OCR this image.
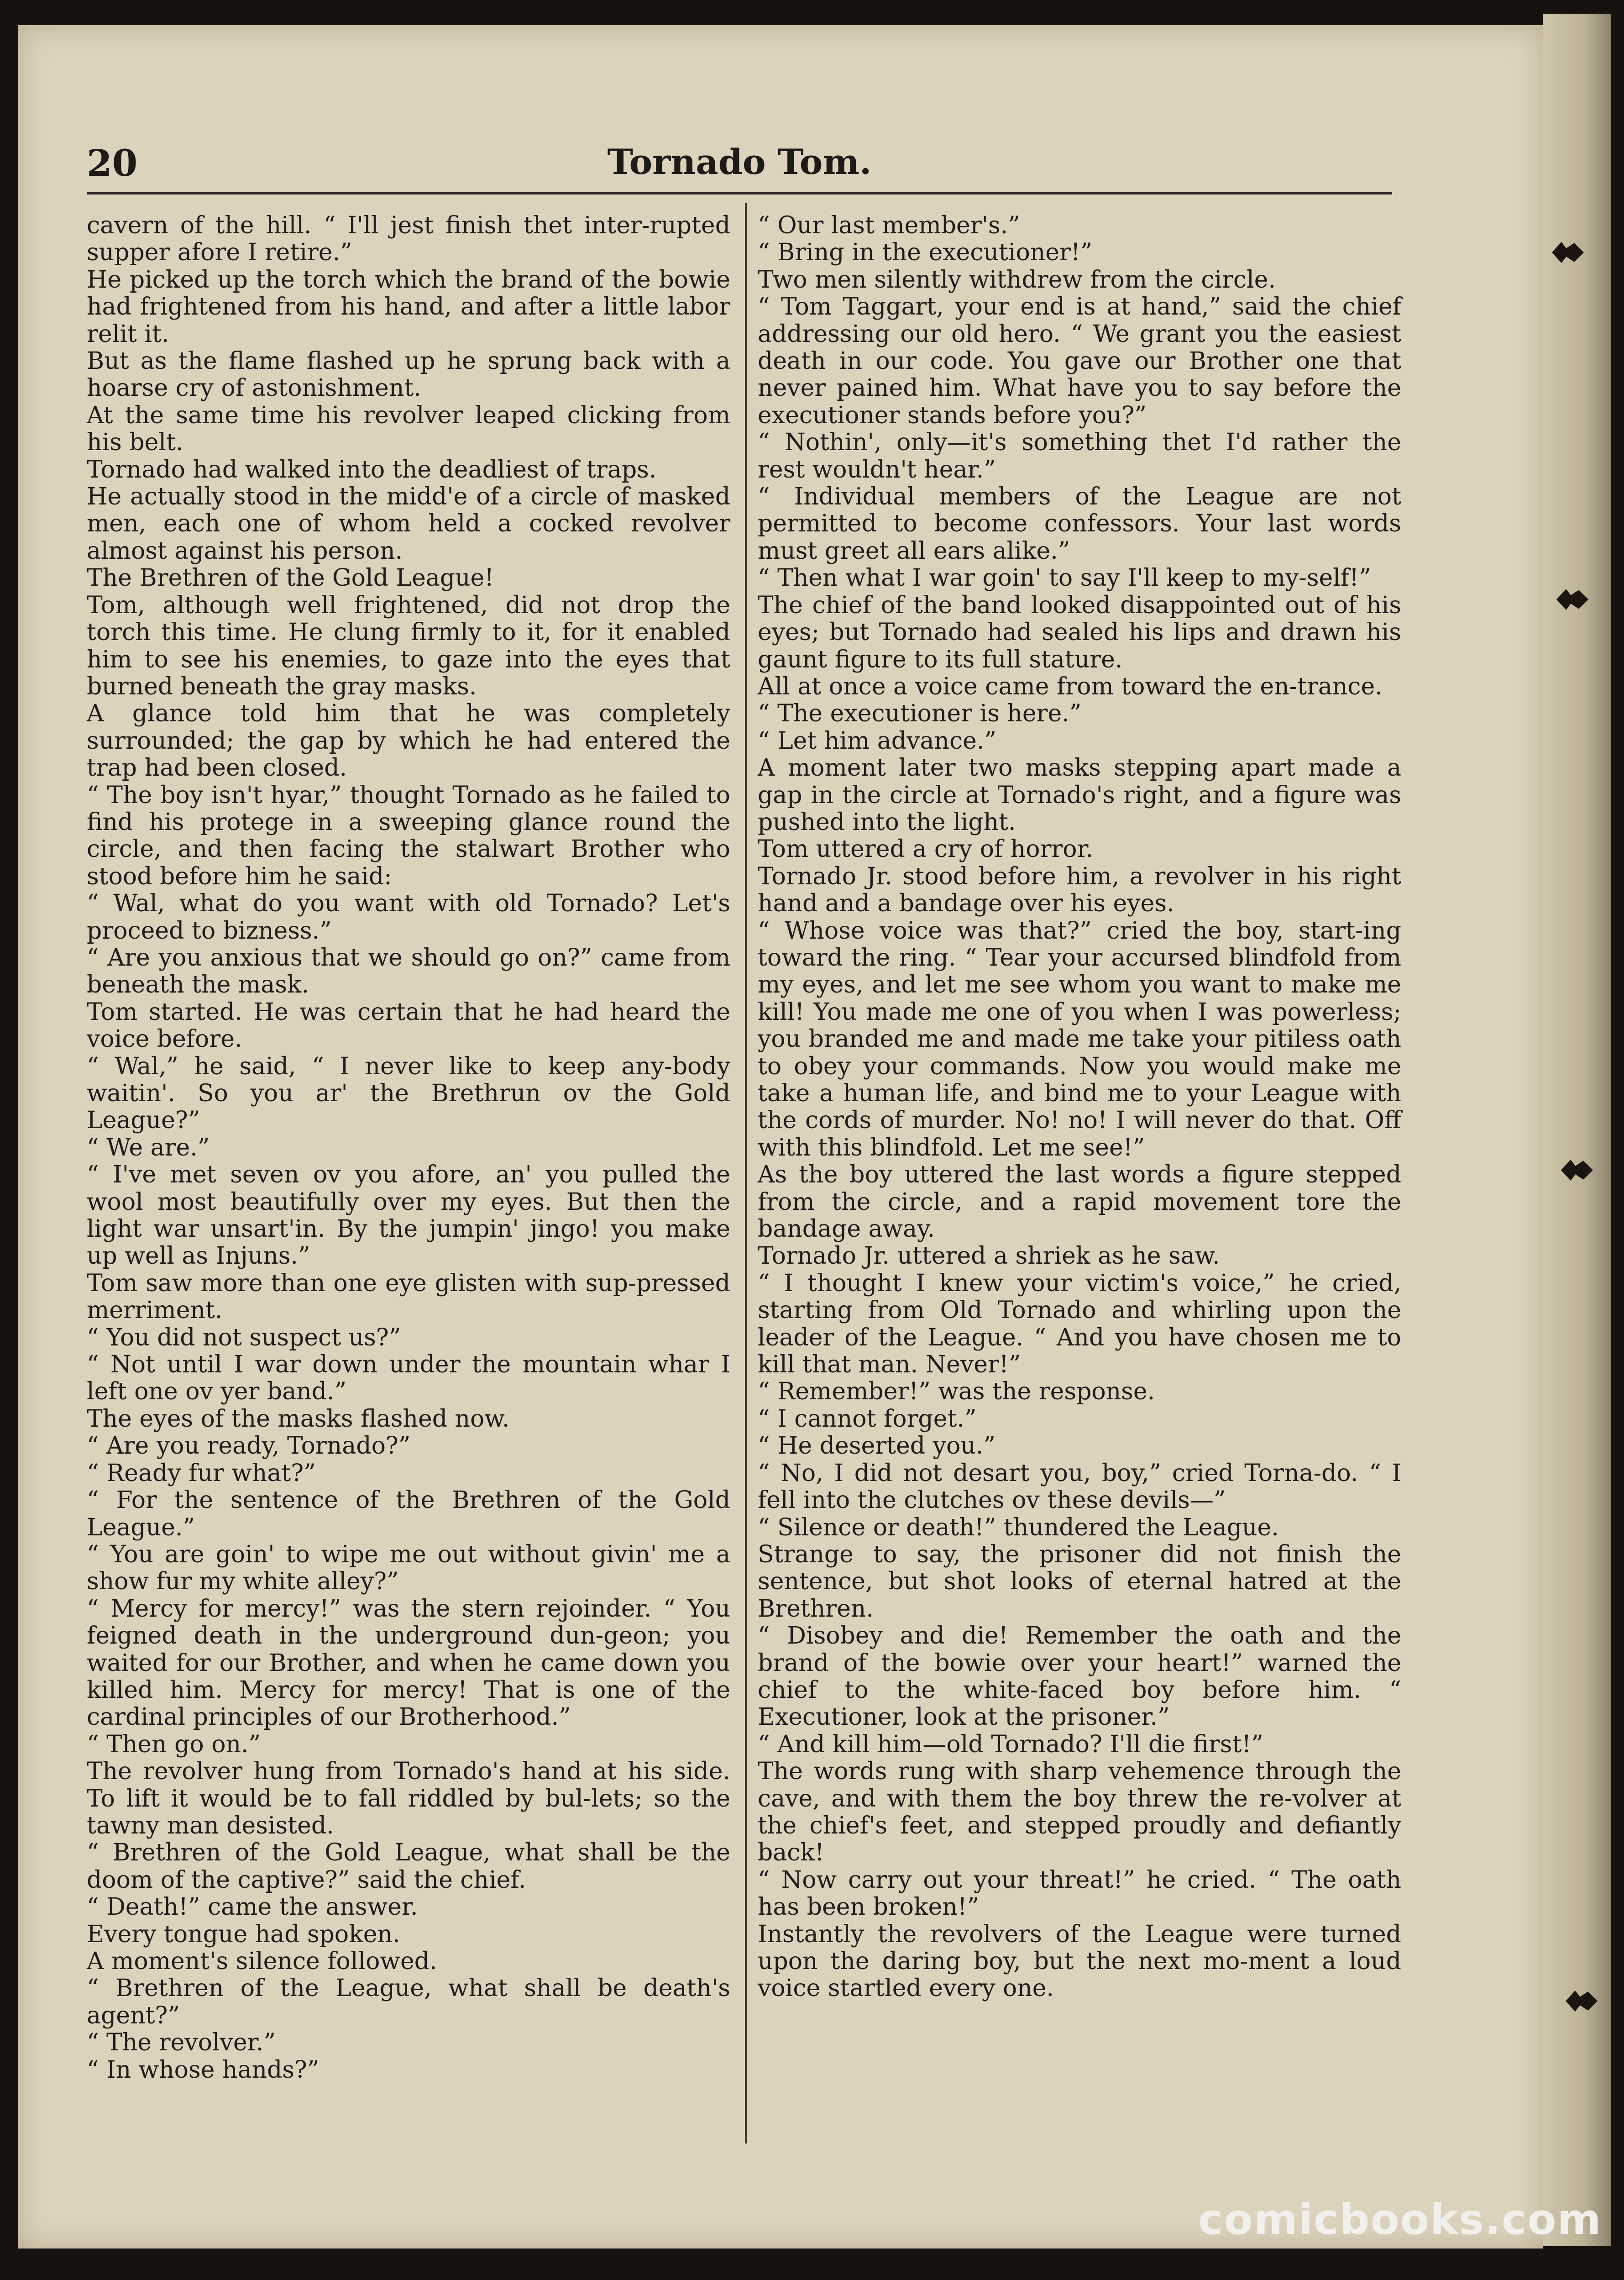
20	Tornado Tom.

cavern of the hill. “ I'll jest finish thet inter-rupted supper afore I retire.”

He picked up the torch which the brand of the bowie had frightened from his hand, and after a little labor relit it.

But as the flame flashed up he sprung back with a hoarse cry of astonishment.

At the same time his revolver leaped clicking from his belt.

Tornado had walked into the deadliest of traps.

He actually stood in the midd'e of a circle of masked men, each one of whom held a cocked revolver almost against his person.

The Brethren of the Gold League!

Tom, although well frightened, did not drop the torch this time. He clung firmly to it, for it enabled him to see his enemies, to gaze into the eyes that burned beneath the gray masks.

A glance told him that he was completely surrounded; the gap by which he had entered the trap had been closed.

“ The boy isn't hyar,” thought Tornado as he failed to find his protege in a sweeping glance round the circle, and then facing the stalwart Brother who stood before him he said:

“ Wal, what do you want with old Tornado? Let's proceed to bizness.”

“ Are you anxious that we should go on?” came from beneath the mask.

Tom started. He was certain that he had heard the voice before.

“ Wal,” he said, “ I never like to keep any-body waitin'. So you ar' the Brethrun ov the Gold League?”

“ We are.”

“ I've met seven ov you afore, an' you pulled the wool most beautifully over my eyes. But then the light war unsart'in. By the jumpin' jingo! you make up well as Injuns.”

Tom saw more than one eye glisten with sup-pressed merriment.

“ You did not suspect us?”

“ Not until I war down under the mountain whar I left one ov yer band.”

The eyes of the masks flashed now.

“ Are you ready, Tornado?”

“ Ready fur what?”

“ For the sentence of the Brethren of the Gold League.”

“ You are goin' to wipe me out without givin' me a show fur my white alley?”

“ Mercy for mercy!” was the stern rejoinder. “ You feigned death in the underground dun-geon; you waited for our Brother, and when he came down you killed him. Mercy for mercy! That is one of the cardinal principles of our Brotherhood.”

“ Then go on.”

The revolver hung from Tornado's hand at his side. To lift it would be to fall riddled by bul-lets; so the tawny man desisted.

“ Brethren of the Gold League, what shall be the doom of the captive?” said the chief.

“ Death!” came the answer.

Every tongue had spoken.

A moment's silence followed.

“ Brethren of the League, what shall be death's agent?”

“ The revolver.”

“ In whose hands?”

“ Our last member's.”

“ Bring in the executioner!”

Two men silently withdrew from the circle.

“ Tom Taggart, your end is at hand,” said the chief addressing our old hero. “ We grant you the easiest death in our code. You gave our Brother one that never pained him. What have you to say before the executioner stands before you?”

“ Nothin', only—it's something thet I'd rather the rest wouldn't hear.”

“ Individual members of the League are not permitted to become confessors. Your last words must greet all ears alike.”

“ Then what I war goin' to say I'll keep to my-self!”

The chief of the band looked disappointed out of his eyes; but Tornado had sealed his lips and drawn his gaunt figure to its full stature.

All at once a voice came from toward the en-trance.

“ The executioner is here.”

“ Let him advance.”

A moment later two masks stepping apart made a gap in the circle at Tornado's right, and a figure was pushed into the light.

Tom uttered a cry of horror.

Tornado Jr. stood before him, a revolver in his right hand and a bandage over his eyes.

“ Whose voice was that?” cried the boy, start-ing toward the ring. “ Tear your accursed blindfold from my eyes, and let me see whom you want to make me kill! You made me one of you when I was powerless; you branded me and made me take your pitiless oath to obey your commands. Now you would make me take a human life, and bind me to your League with the cords of murder. No! no! I will never do that. Off with this blindfold. Let me see!”

As the boy uttered the last words a figure stepped from the circle, and a rapid movement tore the bandage away.

Tornado Jr. uttered a shriek as he saw.

“ I thought I knew your victim's voice,” he cried, starting from Old Tornado and whirling upon the leader of the League. “ And you have chosen me to kill that man. Never!”

“ Remember!” was the response.

“ I cannot forget.”

“ He deserted you.”

“ No, I did not desart you, boy,” cried Torna-do. “ I fell into the clutches ov these devils—”

“ Silence or death!” thundered the League.

Strange to say, the prisoner did not finish the sentence, but shot looks of eternal hatred at the Brethren.

“ Disobey and die! Remember the oath and the brand of the bowie over your heart!” warned the chief to the white-faced boy before him. “ Executioner, look at the prisoner.”

“ And kill him—old Tornado? I'll die first!”

The words rung with sharp vehemence through the cave, and with them the boy threw the re-volver at the chief's feet, and stepped proudly and defiantly back!

“ Now carry out your threat!” he cried. “ The oath has been broken!”

Instantly the revolvers of the League were turned upon the daring boy, but the next mo-ment a loud voice startled every one.

comicbooks.com
